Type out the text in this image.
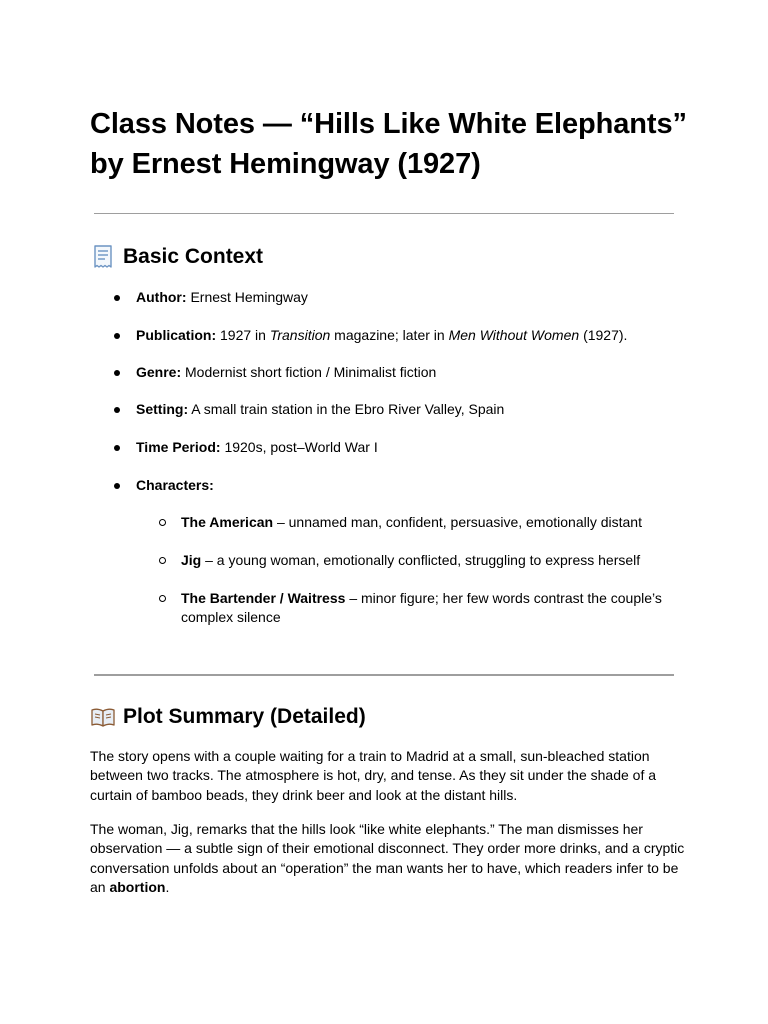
Class Notes — “Hills Like White Elephants” by Ernest Hemingway (1927)
Basic Context
Author: Ernest Hemingway
Publication: 1927 in Transition magazine; later in Men Without Women (1927).
Genre: Modernist short fiction / Minimalist fiction
Setting: A small train station in the Ebro River Valley, Spain
Time Period: 1920s, post–World War I
Characters:
The American – unnamed man, confident, persuasive, emotionally distant
Jig – a young woman, emotionally conflicted, struggling to express herself
The Bartender / Waitress – minor figure; her few words contrast the couple’s complex silence
Plot Summary (Detailed)

The story opens with a couple waiting for a train to Madrid at a small, sun-bleached station between two tracks. The atmosphere is hot, dry, and tense. As they sit under the shade of a curtain of bamboo beads, they drink beer and look at the distant hills.

The woman, Jig, remarks that the hills look “like white elephants.” The man dismisses her observation — a subtle sign of their emotional disconnect. They order more drinks, and a cryptic conversation unfolds about an “operation” the man wants her to have, which readers infer to be an abortion.
